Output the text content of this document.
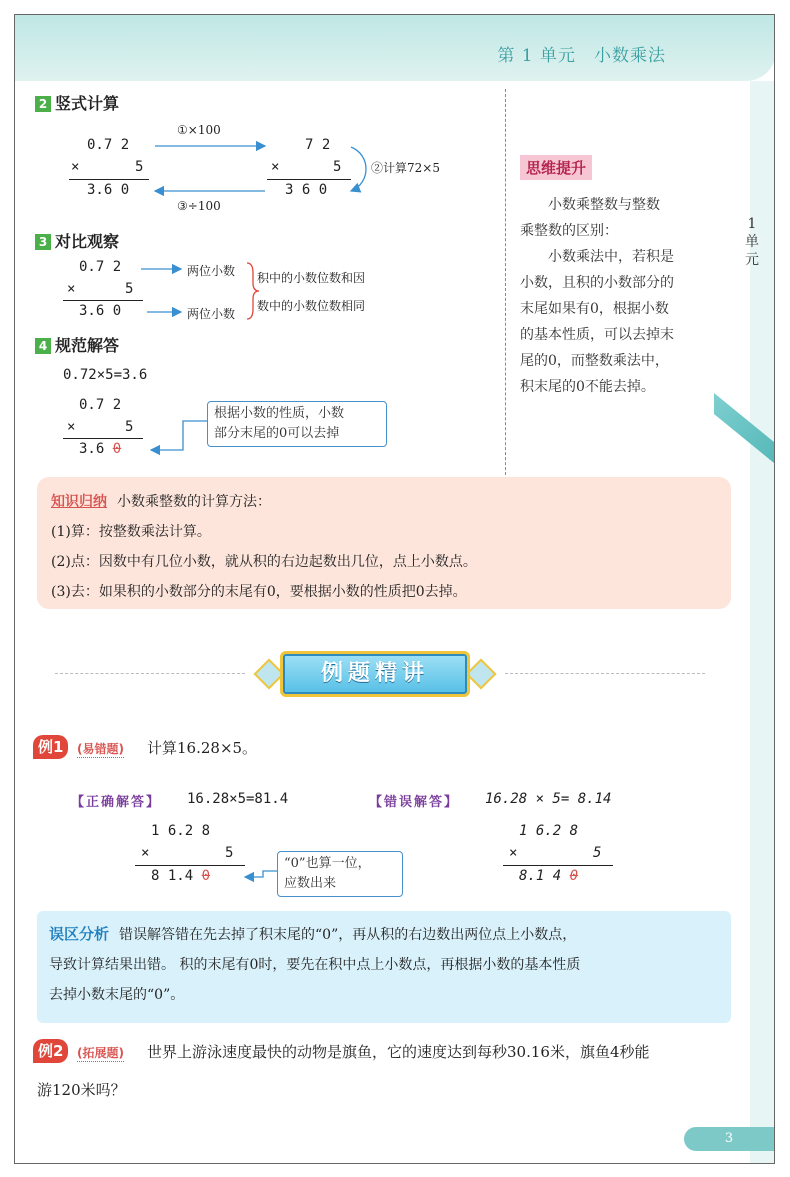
第 1 单元　小数乘法
1单元
2 竖式计算
0.7 2
×	5
3.6 0
7 2
×	5
3 6 0
①×100
③÷100
②计算72×5
3 对比观察
0.7 2
×	5
3.6 0
两位小数
两位小数
积中的小数位数和因
数中的小数位数相同
4 规范解答
0.72×5=3.6
0.7 2
×	5
3.6 0
根据小数的性质，小数
部分末尾的0可以去掉
思维提升
　　小数乘整数与整数
乘整数的区别：
　　小数乘法中，若积是
小数，且积的小数部分的
末尾如果有0，根据小数
的基本性质，可以去掉末
尾的0，而整数乘法中，
积末尾的0不能去掉。
知识归纳 小数乘整数的计算方法：
(1)算：按整数乘法计算。
(2)点：因数中有几位小数，就从积的右边起数出几位，点上小数点。
(3)去：如果积的小数部分的末尾有0，要根据小数的性质把0去掉。
例题精讲
例1	(易错题) 计算16.28×5。
【正确解答】 16.28×5=81.4	【错误解答】 16.28 × 5= 8.14
1 6.2 8
×	5
8 1.4 0
“0”也算一位，
应数出来
1 6.2 8
×	5
8.1 4 0
误区分析 错误解答错在先去掉了积末尾的“0”，再从积的右边数出两位点上小数点，
导致计算结果出错。 积的末尾有0时，要先在积中点上小数点，再根据小数的基本性质
去掉小数末尾的“0”。
例2	(拓展题) 世界上游泳速度最快的动物是旗鱼，它的速度达到每秒30.16米，旗鱼4秒能
游120米吗？
3
